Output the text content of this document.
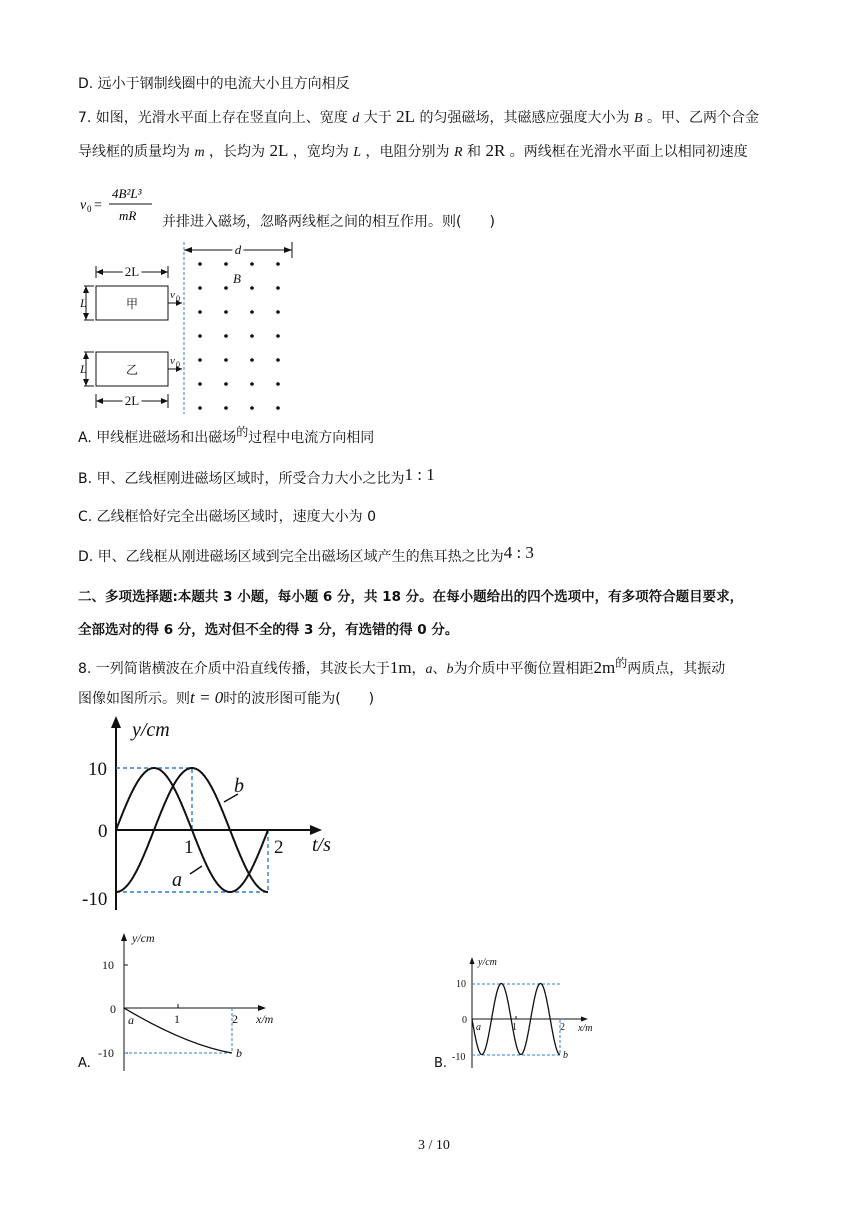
D. 远小于钢制线圈中的电流大小且方向相反
7. 如图，光滑水平面上存在竖直向上、宽度 d 大于 2L 的匀强磁场，其磁感应强度大小为 B 。甲、乙两个合金
导线框的质量均为 m ，长均为 2L ，宽均为 L ，电阻分别为 R 和 2R 。两线框在光滑水平面上以相同初速度
v 0 =
4B²L³
mR 并排进入磁场，忽略两线框之间的相互作用。则(　　)
d
B
2L
甲
L
v 0
乙
L
v 0
2L
A. 甲线框进磁场和出磁场的过程中电流方向相同
B. 甲、乙线框刚进磁场区域时，所受合力大小之比为1 : 1
C. 乙线框恰好完全出磁场区域时，速度大小为 0
D. 甲、乙线框从刚进磁场区域到完全出磁场区域产生的焦耳热之比为4 : 3
二、多项选择题:本题共 3 小题，每小题 6 分，共 18 分。在每小题给出的四个选项中，有多项符合题目要求，
全部选对的得 6 分，选对但不全的得 3 分，有选错的得 0 分。
8. 一列简谐横波在介质中沿直线传播，其波长大于1m，a、b为介质中平衡位置相距2m的两质点，其振动
图像如图所示。则t = 0时的波形图可能为(　　)
y/cm
t/s
10
0
-10
1	2
a
b
A.
y/cm
x/m
10
0
-10
1	2
a
b
B.
y/cm
x/m
10
0
-10
1	2
a
b
3 / 10
